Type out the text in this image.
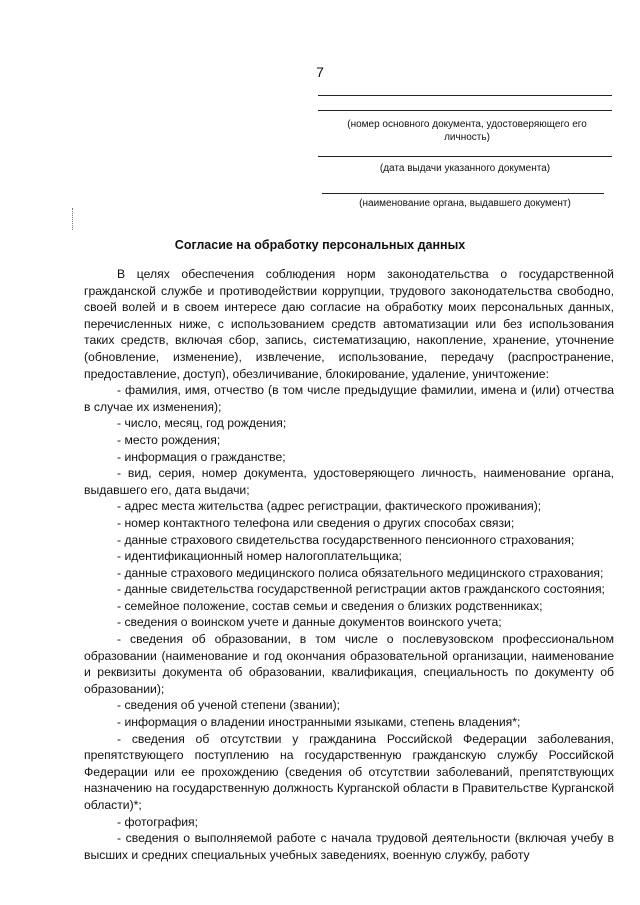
7
(номер основного документа, удостоверяющего его личность)
(дата выдачи указанного документа)
(наименование органа, выдавшего документ)
Согласие на обработку персональных данных

В целях обеспечения соблюдения норм законодательства о государственной гражданской службе и противодействии коррупции, трудового законодательства свободно, своей волей и в своем интересе даю согласие на обработку моих персональных данных, перечисленных ниже, с использованием средств автоматизации или без использования таких средств, включая сбор, запись, систематизацию, накопление, хранение, уточнение (обновление, изменение), извлечение, использование, передачу (распространение, предоставление, доступ), обезличивание, блокирование, удаление, уничтожение:

- фамилия, имя, отчество (в том числе предыдущие фамилии, имена и (или) отчества в случае их изменения);

- число, месяц, год рождения;

- место рождения;

- информация о гражданстве;

- вид, серия, номер документа, удостоверяющего личность, наименование органа, выдавшего его, дата выдачи;

- адрес места жительства (адрес регистрации, фактического проживания);

- номер контактного телефона или сведения о других способах связи;

- данные страхового свидетельства государственного пенсионного страхования;

- идентификационный номер налогоплательщика;

- данные страхового медицинского полиса обязательного медицинского страхования;

- данные свидетельства государственной регистрации актов гражданского состояния;

- семейное положение, состав семьи и сведения о близких родственниках;

- сведения о воинском учете и данные документов воинского учета;

- сведения об образовании, в том числе о послевузовском профессиональном образовании (наименование и год окончания образовательной организации, наименование и реквизиты документа об образовании, квалификация, специальность по документу об образовании);

- сведения об ученой степени (звании);

- информация о владении иностранными языками, степень владения*;

- сведения об отсутствии у гражданина Российской Федерации заболевания, препятствующего поступлению на государственную гражданскую службу Российской Федерации или ее прохождению (сведения об отсутствии заболеваний, препятствующих назначению на государственную должность Курганской области в Правительстве Курганской области)*;

- фотография;

- сведения о выполняемой работе с начала трудовой деятельности (включая учебу в высших и средних специальных учебных заведениях, военную службу, работу
